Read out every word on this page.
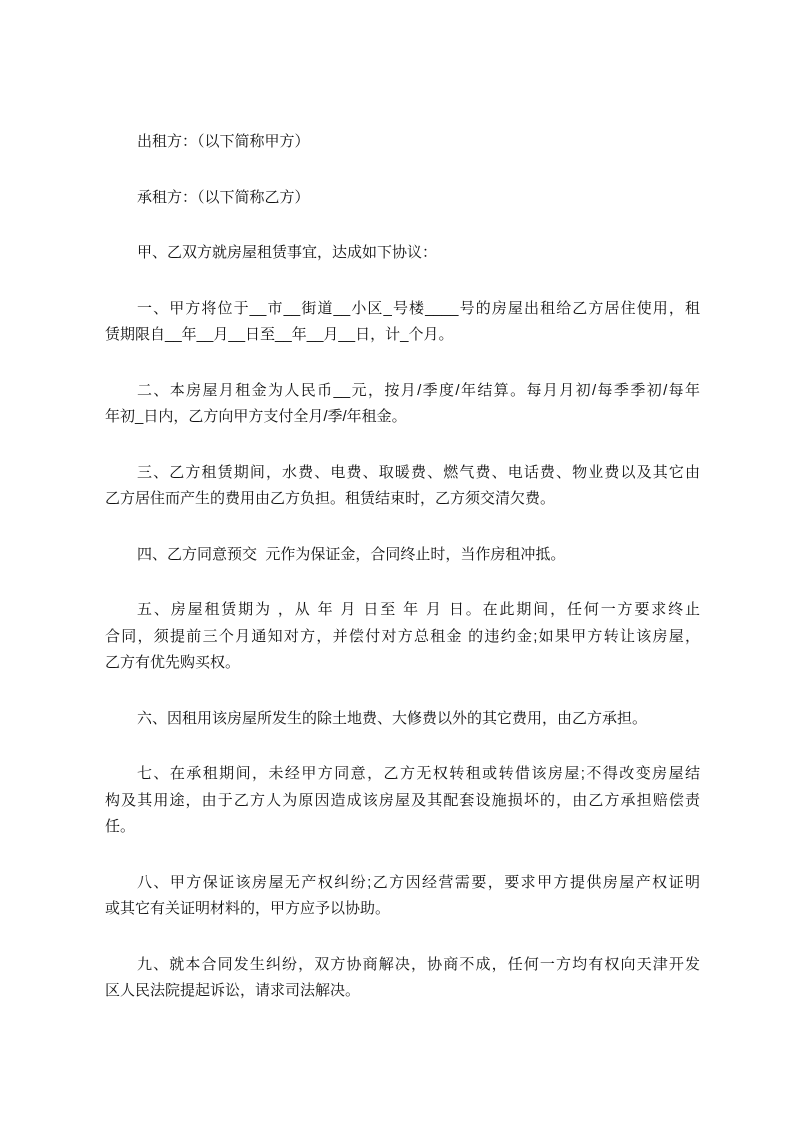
出租方：（以下简称甲方）

承租方：（以下简称乙方）

甲、乙双方就房屋租赁事宜，达成如下协议：

一、甲方将位于__市__街道__小区_号楼____号的房屋出租给乙方居住使用，租
赁期限自__年__月__日至__年__月__日，计_个月。

二、本房屋月租金为人民币__元，按月/季度/年结算。每月月初/每季季初/每年
年初_日内，乙方向甲方支付全月/季/年租金。

三、乙方租赁期间，水费、电费、取暖费、燃气费、电话费、物业费以及其它由
乙方居住而产生的费用由乙方负担。租赁结束时，乙方须交清欠费。

四、乙方同意预交  元作为保证金，合同终止时，当作房租冲抵。

五、房屋租赁期为 ，从 年 月 日至 年 月 日。在此期间，任何一方要求终止
合同，须提前三个月通知对方，并偿付对方总租金 的违约金;如果甲方转让该房屋，
乙方有优先购买权。

六、因租用该房屋所发生的除土地费、大修费以外的其它费用，由乙方承担。

七、在承租期间，未经甲方同意，乙方无权转租或转借该房屋;不得改变房屋结
构及其用途，由于乙方人为原因造成该房屋及其配套设施损坏的，由乙方承担赔偿责
任。

八、甲方保证该房屋无产权纠纷;乙方因经营需要，要求甲方提供房屋产权证明
或其它有关证明材料的，甲方应予以协助。

九、就本合同发生纠纷，双方协商解决，协商不成，任何一方均有权向天津开发
区人民法院提起诉讼，请求司法解决。
